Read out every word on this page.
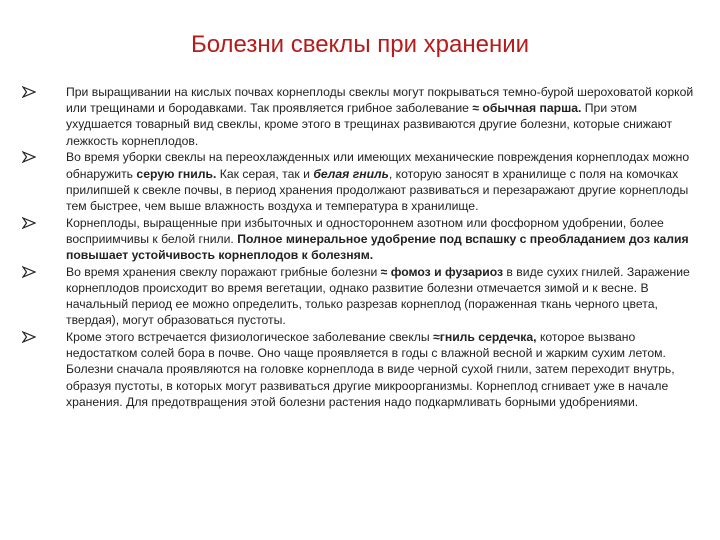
Болезни свеклы при хранении
При выращивании на кислых почвах корнеплоды свеклы могут покрываться темно-бурой шероховатой коркой или трещинами и бородавками. Так проявляется грибное заболевание ≈ обычная парша. При этом ухудшается товарный вид свеклы, кроме этого в трещинах развиваются другие болезни, которые снижают лежкость корнеплодов.
Во время уборки свеклы на переохлажденных или имеющих механические повреждения корнеплодах можно обнаружить серую гниль. Как серая, так и белая гниль, которую заносят в хранилище с поля на комочках прилипшей к свекле почвы, в период хранения продолжают развиваться и перезаражают другие корнеплоды тем быстрее, чем выше влажность воздуха и температура в хранилище.
Корнеплоды, выращенные при избыточных и одностороннем азотном или фосфорном удобрении, более восприимчивы к белой гнили. Полное минеральное удобрение под вспашку с преобладанием доз калия повышает устойчивость корнеплодов к болезням.
Во время хранения свеклу поражают грибные болезни ≈ фомоз и фузариоз в виде сухих гнилей. Заражение корнеплодов происходит во время вегетации, однако развитие болезни отмечается зимой и к весне. В начальный период ее можно определить, только разрезав корнеплод (пораженная ткань черного цвета, твердая), могут образоваться пустоты.
Кроме этого встречается физиологическое заболевание свеклы ≈гниль сердечка, которое вызвано недостатком солей бора в почве. Оно чаще проявляется в годы с влажной весной и жарким сухим летом. Болезни сначала проявляются на головке корнеплода в виде черной сухой гнили, затем переходит внутрь, образуя пустоты, в которых могут развиваться другие микроорганизмы. Корнеплод сгнивает уже в начале хранения. Для предотвращения этой болезни растения надо подкармливать борными удобрениями.
